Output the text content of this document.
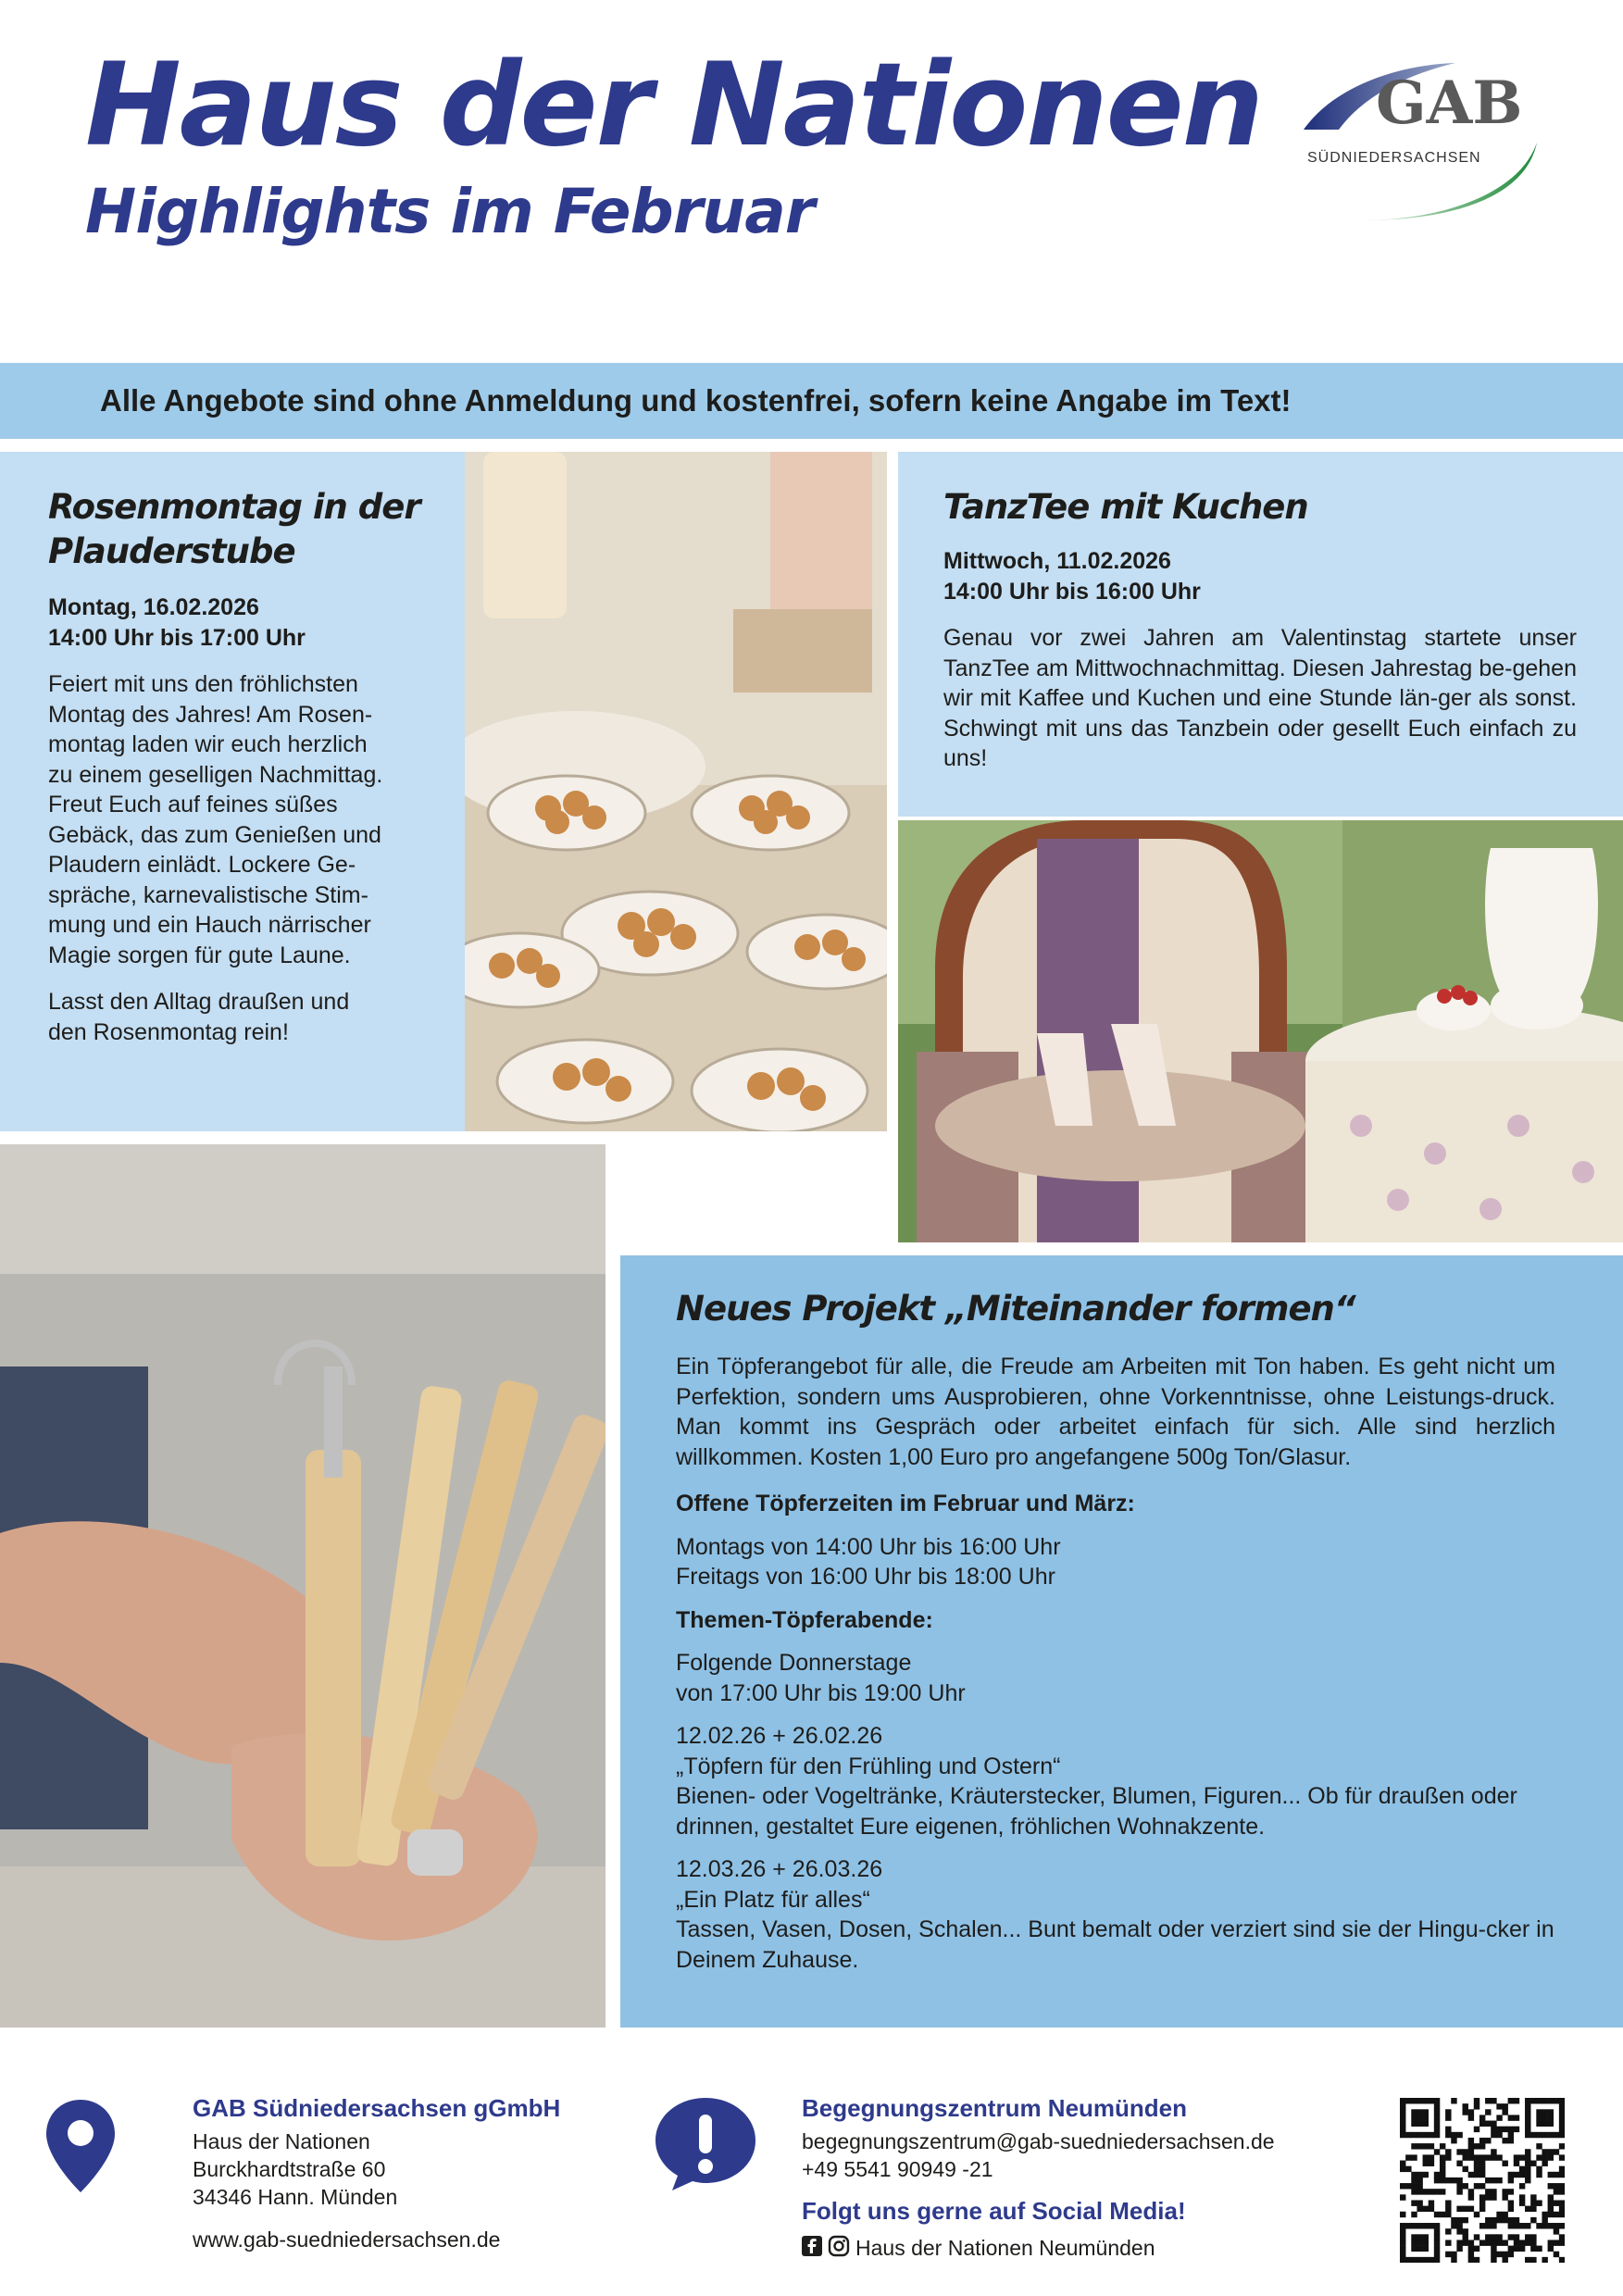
Haus der Nationen
Highlights im Februar
GAB
SÜDNIEDERSACHSEN
Alle Angebote sind ohne Anmeldung und kostenfrei, sofern keine Angabe im Text!
Rosenmontag in der
Plauderstube
Montag, 16.02.2026
14:00 Uhr bis 17:00 Uhr
Feiert mit uns den fröhlichsten
Montag des Jahres! Am Rosen-
montag laden wir euch herzlich
zu einem geselligen Nachmittag.
Freut Euch auf feines süßes
Gebäck, das zum Genießen und
Plaudern einlädt. Lockere Ge-
spräche, karnevalistische Stim-
mung und ein Hauch närrischer
Magie sorgen für gute Laune.
Lasst den Alltag draußen und
den Rosenmontag rein!
TanzTee mit Kuchen
Mittwoch, 11.02.2026
14:00 Uhr bis 16:00 Uhr
Genau vor zwei Jahren am Valentinstag startete unser TanzTee am Mittwochnachmittag. Diesen Jahrestag be-gehen wir mit Kaffee und Kuchen und eine Stunde län-ger als sonst. Schwingt mit uns das Tanzbein oder gesellt Euch einfach zu uns!
Neues Projekt „Miteinander formen“
Ein Töpferangebot für alle, die Freude am Arbeiten mit Ton haben. Es geht nicht um Perfektion, sondern ums Ausprobieren, ohne Vorkenntnisse, ohne Leistungs-druck. Man kommt ins Gespräch oder arbeitet einfach für sich. Alle sind herzlich willkommen. Kosten 1,00 Euro pro angefangene 500g Ton/Glasur.
Offene Töpferzeiten im Februar und März:
Montags von 14:00 Uhr bis 16:00 Uhr
Freitags von 16:00 Uhr bis 18:00 Uhr
Themen-Töpferabende:
Folgende Donnerstage
von 17:00 Uhr bis 19:00 Uhr
12.02.26 + 26.02.26
„Töpfern für den Frühling und Ostern“
Bienen- oder Vogeltränke, Kräuterstecker, Blumen, Figuren... Ob für draußen oder drinnen, gestaltet Eure eigenen, fröhlichen Wohnakzente.
12.03.26 + 26.03.26
„Ein Platz für alles“
Tassen, Vasen, Dosen, Schalen... Bunt bemalt oder verziert sind sie der Hingu-cker in Deinem Zuhause.
GAB Südniedersachsen gGmbH
Haus der Nationen
Burckhardtstraße 60
34346 Hann. Münden
www.gab-suedniedersachsen.de
Begegnungszentrum Neumünden
begegnungszentrum@gab-suedniedersachsen.de
+49 5541 90949 -21
Folgt uns gerne auf Social Media!
Haus der Nationen Neumünden
